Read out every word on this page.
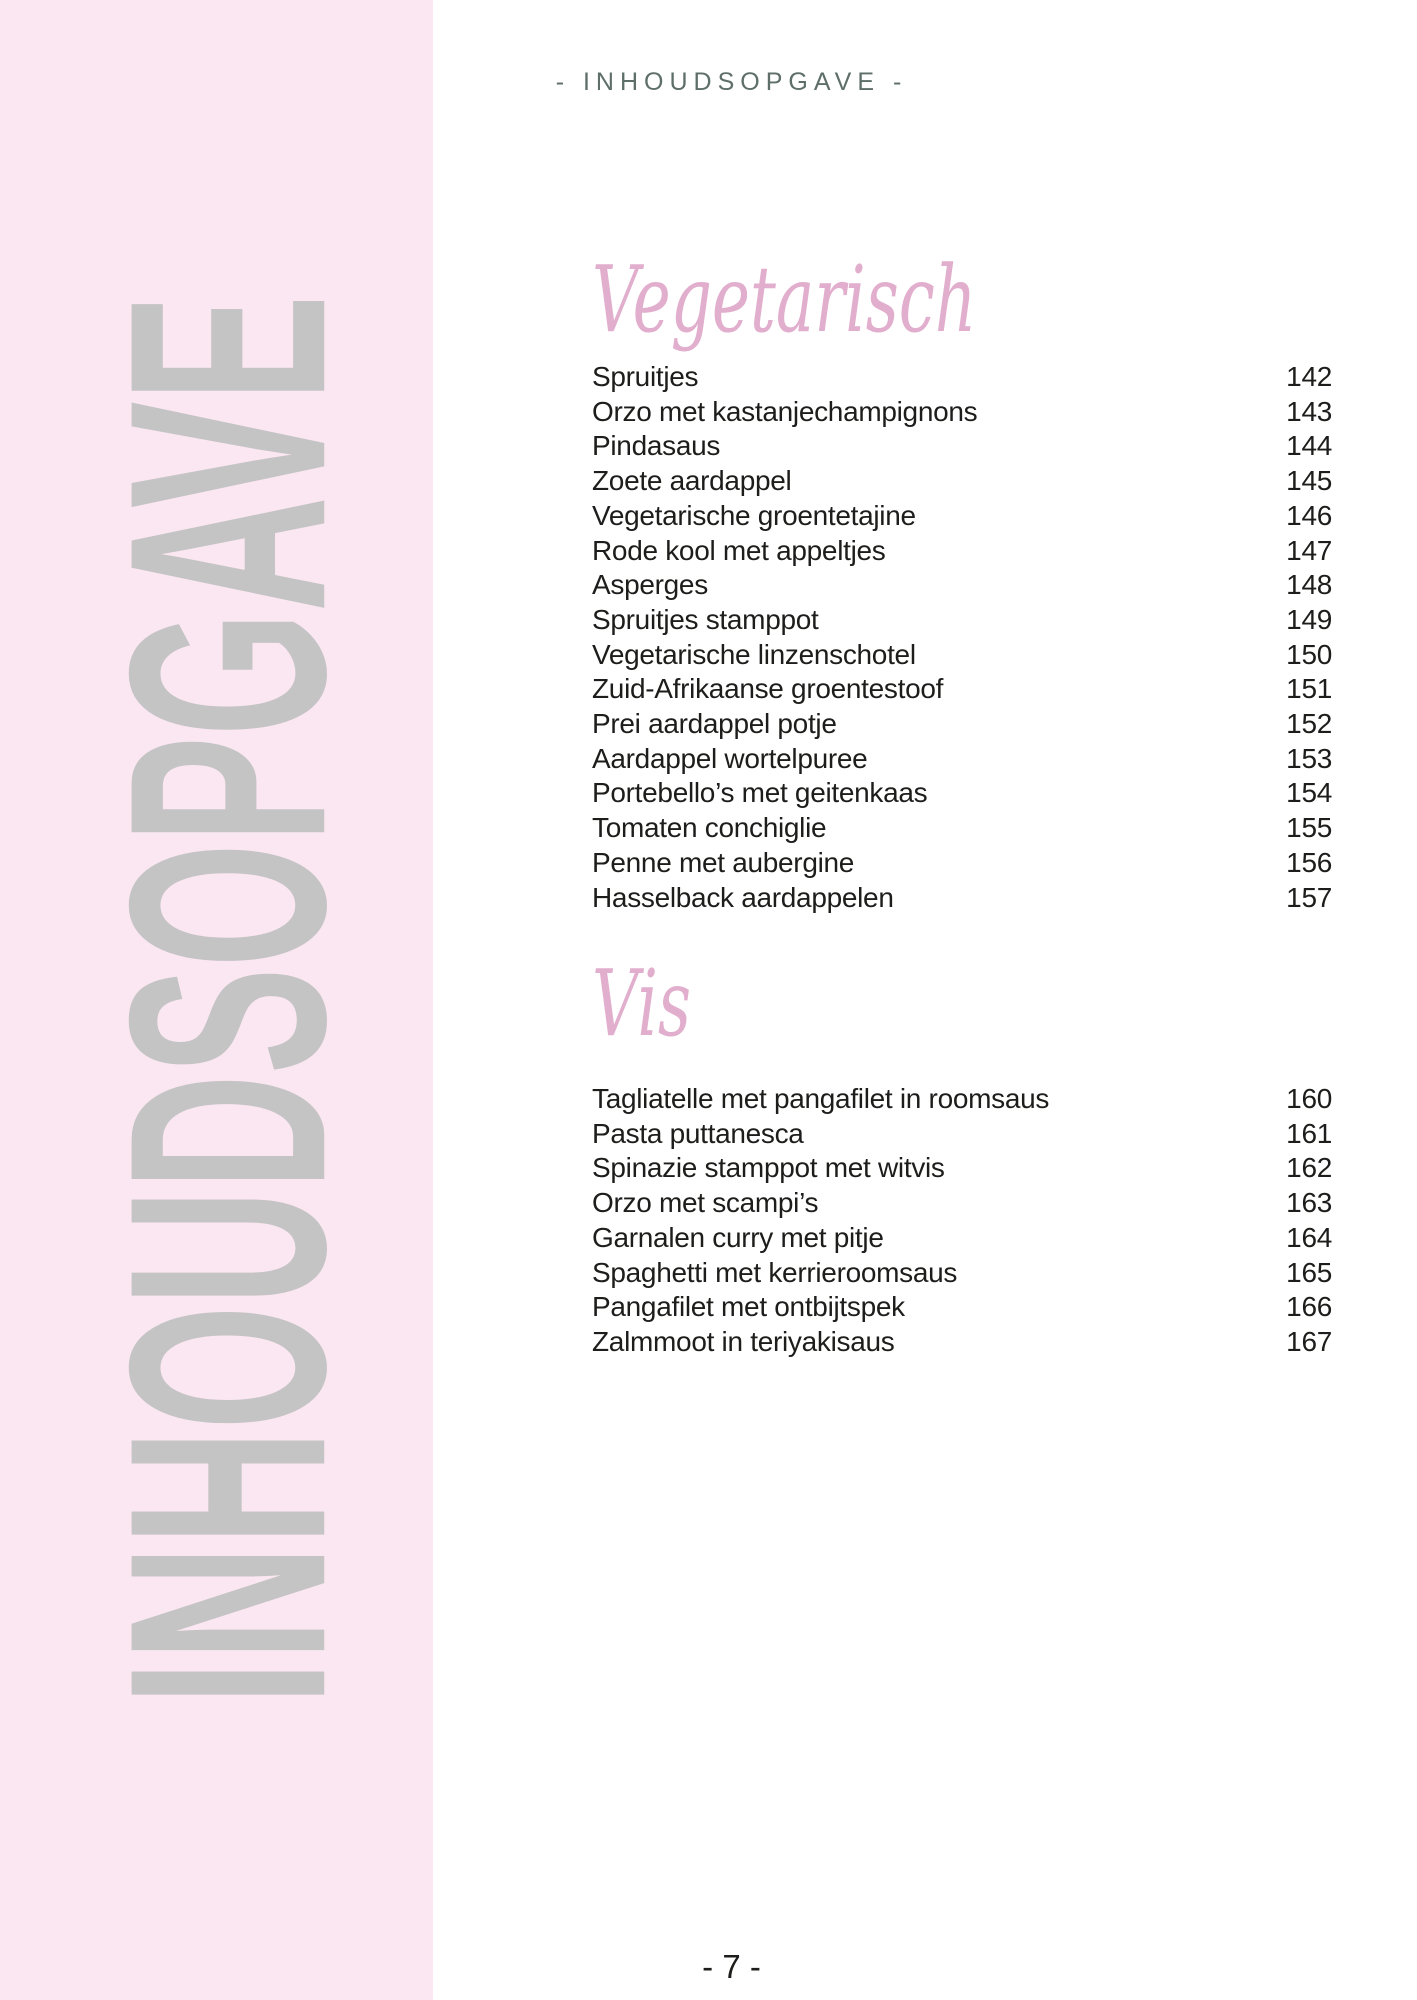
INHOUDSOPGAVE
- INHOUDSOPGAVE -
Vegetarisch
Spruitjes	142
Orzo met kastanjechampignons	143
Pindasaus	144
Zoete aardappel	145
Vegetarische groentetajine	146
Rode kool met appeltjes	147
Asperges	148
Spruitjes stamppot	149
Vegetarische linzenschotel	150
Zuid-Afrikaanse groentestoof	151
Prei aardappel potje	152
Aardappel wortelpuree	153
Portebello’s met geitenkaas	154
Tomaten conchiglie	155
Penne met aubergine	156
Hasselback aardappelen	157
Vis
Tagliatelle met pangafilet in roomsaus	160
Pasta puttanesca	161
Spinazie stamppot met witvis	162
Orzo met scampi’s	163
Garnalen curry met pitje	164
Spaghetti met kerrieroomsaus	165
Pangafilet met ontbijtspek	166
Zalmmoot in teriyakisaus	167
- 7 -
